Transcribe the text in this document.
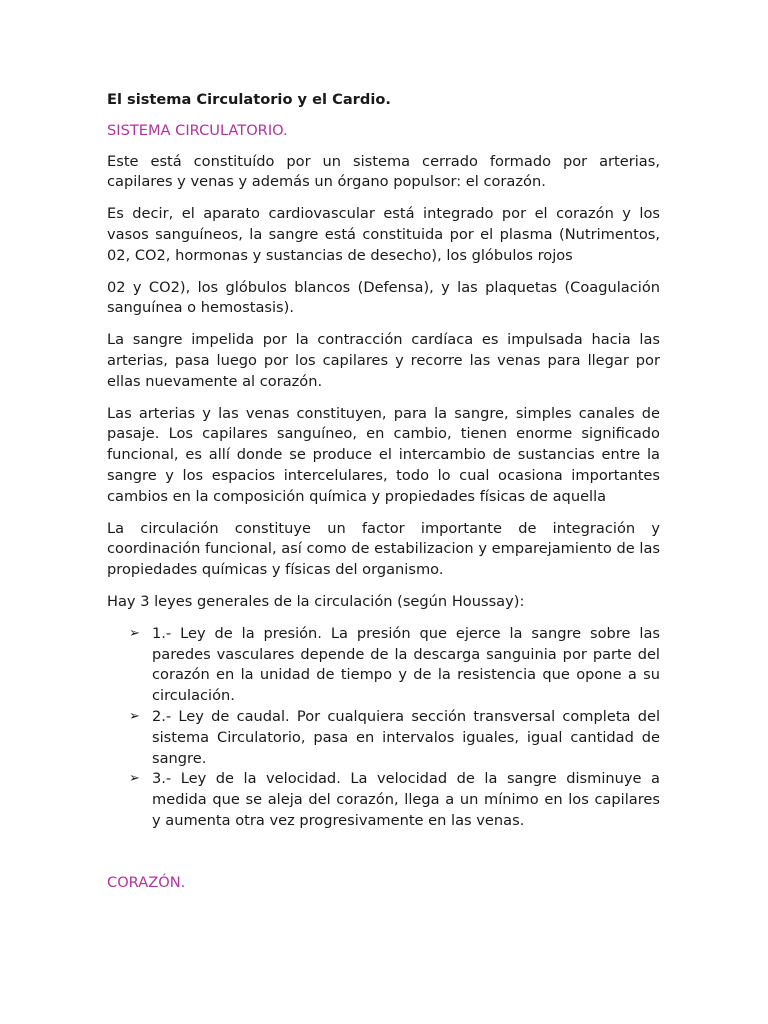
El sistema Circulatorio y el Cardio.
SISTEMA CIRCULATORIO.

Este está constituído por un sistema cerrado formado por arterias, capilares y venas y además un órgano populsor: el corazón.

Es decir, el aparato cardiovascular está integrado por el corazón y los vasos sanguíneos, la sangre está constituida por el plasma (Nutrimentos, 02, CO2, hormonas y sustancias de desecho), los glóbulos rojos

02 y CO2), los glóbulos blancos (Defensa), y las plaquetas (Coagulación sanguínea o hemostasis).

La sangre impelida por la contracción cardíaca es impulsada hacia las arterias, pasa luego por los capilares y recorre las venas para llegar por ellas nuevamente al corazón.

Las arterias y las venas constituyen, para la sangre, simples canales de pasaje. Los capilares sanguíneo, en cambio, tienen enorme significado funcional, es allí donde se produce el intercambio de sustancias entre la sangre y los espacios intercelulares, todo lo cual ocasiona importantes cambios en la composición química y propiedades físicas de aquella

La circulación constituye un factor importante de integración y coordinación funcional, así como de estabilizacion y emparejamiento de las propiedades químicas y físicas del organismo.

Hay 3 leyes generales de la circulación (según Houssay):

➢ 1.- Ley de la presión. La presión que ejerce la sangre sobre las paredes vasculares depende de la descarga sanguinia por parte del corazón en la unidad de tiempo y de la resistencia que opone a su circulación.
➢ 2.- Ley de caudal. Por cualquiera sección transversal completa del sistema Circulatorio, pasa en intervalos iguales, igual cantidad de sangre.
➢ 3.- Ley de la velocidad. La velocidad de la sangre disminuye a medida que se aleja del corazón, llega a un mínimo en los capilares y aumenta otra vez progresivamente en las venas.
CORAZÓN.
